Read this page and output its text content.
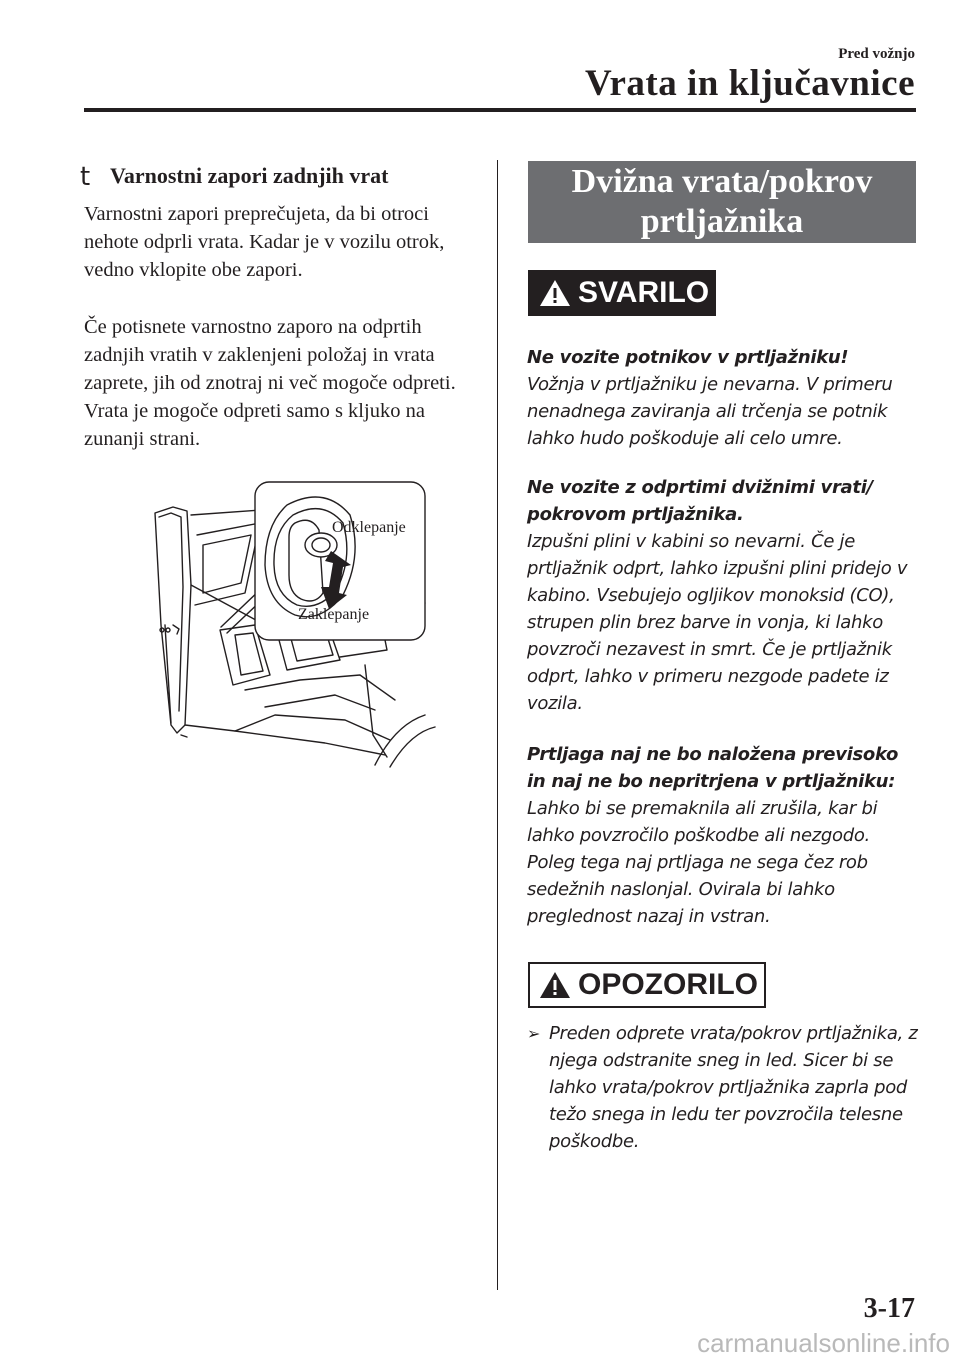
Pred vožnjo
Vrata in ključavnice
t Varnostni zapori zadnjih vrat

Varnostni zapori preprečujeta, da bi otroci nehote odprli vrata. Kadar je v vozilu otrok, vedno vklopite obe zapori.

Če potisnete varnostno zaporo na odprtih zadnjih vratih v zaklenjeni položaj in vrata zaprete, jih od znotraj ni več mogoče odpreti. Vrata je mogoče odpreti samo s kljuko na zunanji strani.

Odklepanje
Zaklepanje
Dvižna vrata/pokrov
prtljažnika
SVARILO

Ne vozite potnikov v prtljažniku!
Vožnja v prtljažniku je nevarna. V primeru nenadnega zaviranja ali trčenja se potnik lahko hudo poškoduje ali celo umre.

Ne vozite z odprtimi dvižnimi vrati/ pokrovom prtljažnika.
Izpušni plini v kabini so nevarni. Če je prtljažnik odprt, lahko izpušni plini pridejo v kabino. Vsebujejo ogljikov monoksid (CO), strupen plin brez barve in vonja, ki lahko povzroči nezavest in smrt. Če je prtljažnik odprt, lahko v primeru nezgode padete iz vozila.

Prtljaga naj ne bo naložena previsoko in naj ne bo nepritrjena v prtljažniku:
Lahko bi se premaknila ali zrušila, kar bi lahko povzročilo poškodbe ali nezgodo. Poleg tega naj prtljaga ne sega čez rob sedežnih naslonjal. Ovirala bi lahko preglednost nazaj in vstran.

OPOZORILO
➢ Preden odprete vrata/pokrov prtljažnika, z njega odstranite sneg in led. Sicer bi se lahko vrata/pokrov prtljažnika zaprla pod težo snega in ledu ter povzročila telesne poškodbe.
3-17
carmanualsonline.info
